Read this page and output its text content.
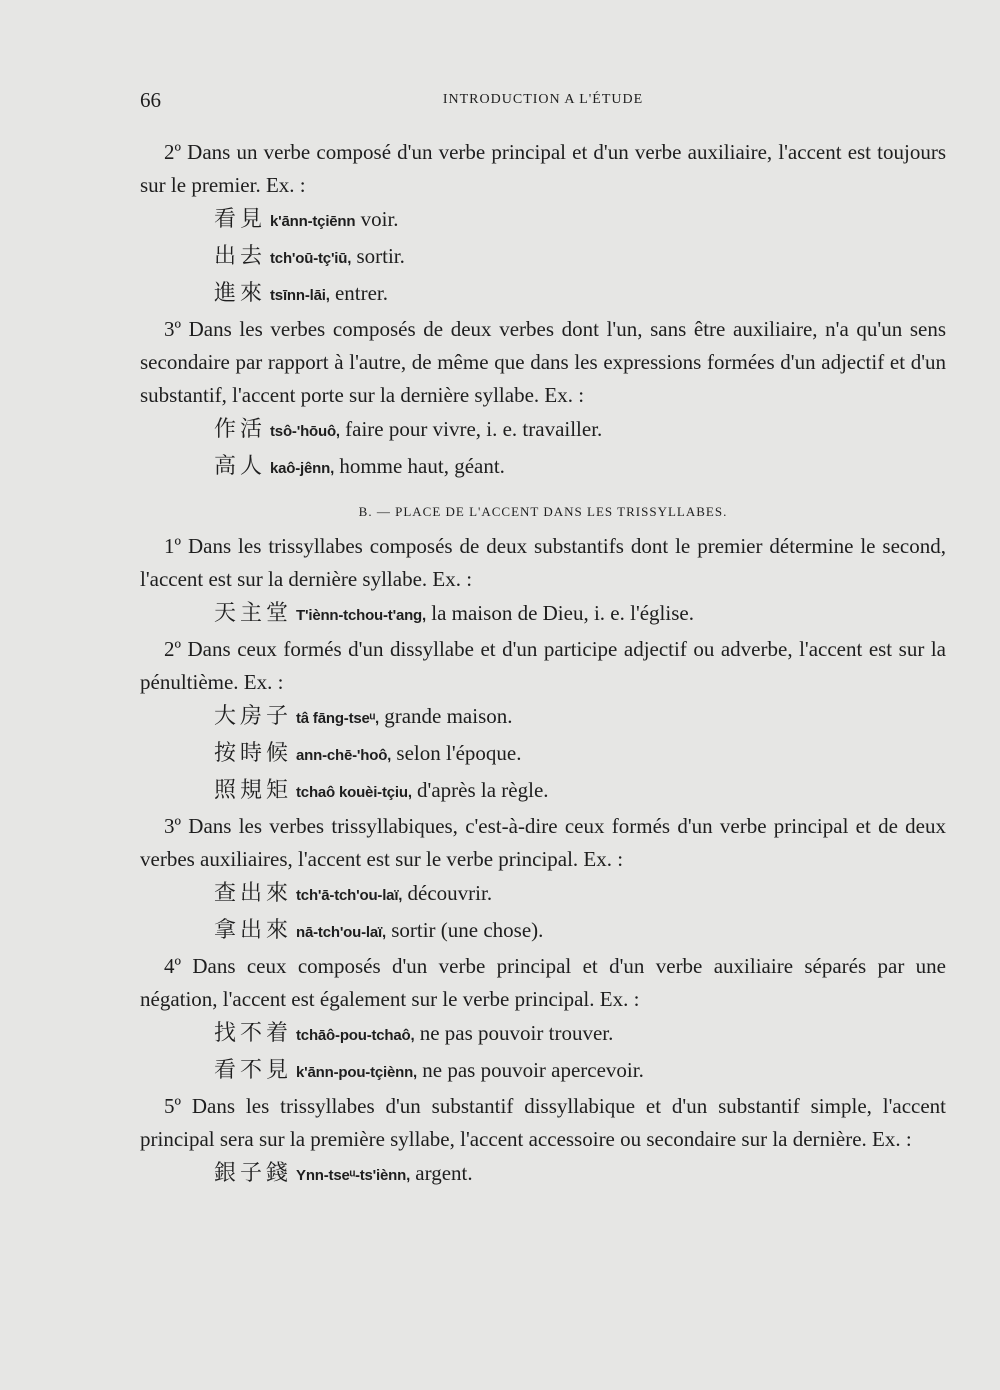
66	INTRODUCTION A L'ÉTUDE

2º Dans un verbe composé d'un verbe principal et d'un verbe auxiliaire, l'accent est toujours sur le premier. Ex. :

看見 k'ānn-tçiēnn voir.
出去 tch'oū-tç'iū, sortir.
進來 tsīnn-lāi, entrer.

3º Dans les verbes composés de deux verbes dont l'un, sans être auxiliaire, n'a qu'un sens secondaire par rapport à l'autre, de même que dans les expressions formées d'un adjectif et d'un substantif, l'accent porte sur la dernière syllabe. Ex. :

作活 tsô-'hōuô, faire pour vivre, i. e. travailler.
高人 kaô-jênn, homme haut, géant.
B. — PLACE DE L'ACCENT DANS LES TRISSYLLABES.

1º Dans les trissyllabes composés de deux substantifs dont le premier détermine le second, l'accent est sur la dernière syllabe. Ex. :

天主堂 T'iènn-tchou-t'ang, la maison de Dieu, i. e. l'église.

2º Dans ceux formés d'un dissyllabe et d'un participe adjectif ou adverbe, l'accent est sur la pénultième. Ex. :

大房子 tâ fāng-tseᵘ, grande maison.
按時候 ann-chē-'hoô, selon l'époque.
照規矩 tchaô kouèi-tçiu, d'après la règle.

3º Dans les verbes trissyllabiques, c'est-à-dire ceux formés d'un verbe principal et de deux verbes auxiliaires, l'accent est sur le verbe principal. Ex. :

查出來 tch'ā-tch'ou-laï, découvrir.
拿出來 nā-tch'ou-laï, sortir (une chose).

4º Dans ceux composés d'un verbe principal et d'un verbe auxiliaire séparés par une négation, l'accent est également sur le verbe principal. Ex. :

找不着 tchāô-pou-tchaô, ne pas pouvoir trouver.
看不見 k'ānn-pou-tçiènn, ne pas pouvoir apercevoir.

5º Dans les trissyllabes d'un substantif dissyllabique et d'un substantif simple, l'accent principal sera sur la première syllabe, l'accent accessoire ou secondaire sur la dernière. Ex. :

銀子錢 Ynn-tseᵘ-ts'iènn, argent.
